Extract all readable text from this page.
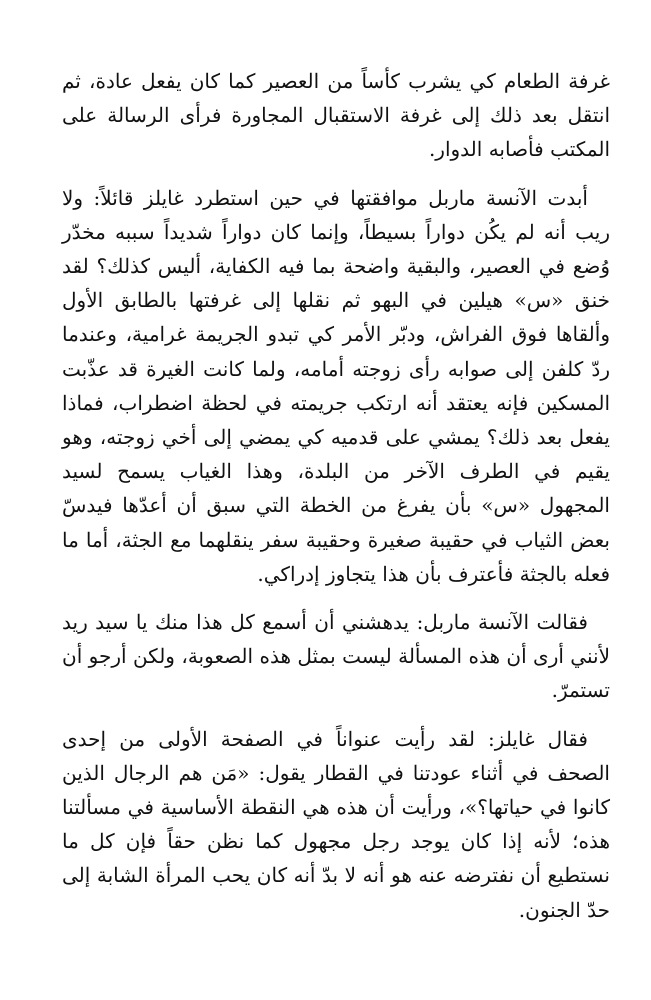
غرفة الطعام كي يشرب كأساً من العصير كما كان يفعل عادة، ثم انتقل بعد ذلك إلى غرفة الاستقبال المجاورة فرأى الرسالة على المكتب فأصابه الدوار.

أبدت الآنسة ماربل موافقتها في حين استطرد غايلز قائلاً: ولا ريب أنه لم يكُن دواراً بسيطاً، وإنما كان دواراً شديداً سببه مخدّر وُضع في العصير، والبقية واضحة بما فيه الكفاية، أليس كذلك؟ لقد خنق «س» هيلين في البهو ثم نقلها إلى غرفتها بالطابق الأول وألقاها فوق الفراش، ودبّر الأمر كي تبدو الجريمة غرامية، وعندما ردّ كلفن إلى صوابه رأى زوجته أمامه، ولما كانت الغيرة قد عذّبت المسكين فإنه يعتقد أنه ارتكب جريمته في لحظة اضطراب، فماذا يفعل بعد ذلك؟ يمشي على قدميه كي يمضي إلى أخي زوجته، وهو يقيم في الطرف الآخر من البلدة، وهذا الغياب يسمح لسيد المجهول «س» بأن يفرغ من الخطة التي سبق أن أعدّها فيدسّ بعض الثياب في حقيبة صغيرة وحقيبة سفر ينقلهما مع الجثة، أما ما فعله بالجثة فأعترف بأن هذا يتجاوز إدراكي.

فقالت الآنسة ماربل: يدهشني أن أسمع كل هذا منك يا سيد ريد لأنني أرى أن هذه المسألة ليست بمثل هذه الصعوبة، ولكن أرجو أن تستمرّ.

فقال غايلز: لقد رأيت عنواناً في الصفحة الأولى من إحدى الصحف في أثناء عودتنا في القطار يقول: «مَن هم الرجال الذين كانوا في حياتها؟»، ورأيت أن هذه هي النقطة الأساسية في مسألتنا هذه؛ لأنه إذا كان يوجد رجل مجهول كما نظن حقاً فإن كل ما نستطيع أن نفترضه عنه هو أنه لا بدّ أنه كان يحب المرأة الشابة إلى حدّ الجنون.
